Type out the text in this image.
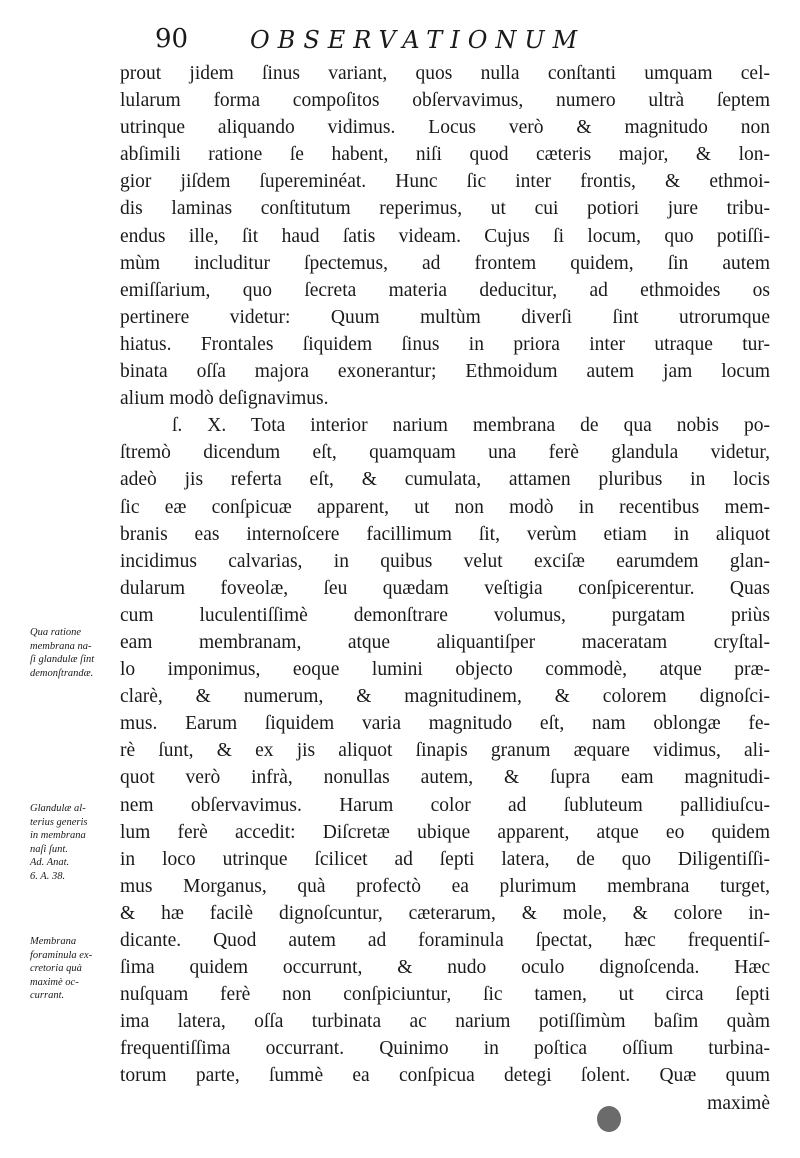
90	OBSERVATIONUM
prout jidem ſinus variant, quos nulla conſtanti umquam cel-
lularum forma compoſitos obſervavimus, numero ultrà ſeptem
utrinque aliquando vidimus. Locus verò & magnitudo non
abſimili ratione ſe habent, niſi quod cæteris major, & lon-
gior jiſdem ſupereminéat. Hunc ſic inter frontis, & ethmoi-
dis laminas conſtitutum reperimus, ut cui potiori jure tribu-
endus ille, ſit haud ſatis videam. Cujus ſi locum, quo potiſſi-
mùm includitur ſpectemus, ad frontem quidem, ſin autem
emiſſarium, quo ſecreta materia deducitur, ad ethmoides os
pertinere videtur: Quum multùm diverſi ſint utrorumque
hiatus. Frontales ſiquidem ſinus in priora inter utraque tur-
binata oſſa majora exonerantur; Ethmoidum autem jam locum
alium modò deſignavimus.
ſ. X. Tota interior narium membrana de qua nobis po-
ſtremò dicendum eſt, quamquam una ferè glandula videtur,
adeò jis referta eſt, & cumulata, attamen pluribus in locis
ſic eæ conſpicuæ apparent, ut non modò in recentibus mem-
branis eas internoſcere facillimum ſit, verùm etiam in aliquot
incidimus calvarias, in quibus velut exciſæ earumdem glan-
dularum foveolæ, ſeu quædam veſtigia conſpicerentur. Quas
cum luculentiſſimè demonſtrare volumus, purgatam priùs
eam membranam, atque aliquantiſper maceratam cryſtal-
lo imponimus, eoque lumini objecto commodè, atque præ-
clarè, & numerum, & magnitudinem, & colorem dignoſci-
mus. Earum ſiquidem varia magnitudo eſt, nam oblongæ fe-
rè ſunt, & ex jis aliquot ſinapis granum æquare vidimus, ali-
quot verò infrà, nonullas autem, & ſupra eam magnitudi-
nem obſervavimus. Harum color ad ſubluteum pallidiuſcu-
lum ferè accedit: Diſcretæ ubique apparent, atque eo quidem
in loco utrinque ſcilicet ad ſepti latera, de quo Diligentiſſi-
mus Morganus, quà profectò ea plurimum membrana turget,
& hæ facilè dignoſcuntur, cæterarum, & mole, & colore in-
dicante. Quod autem ad foraminula ſpectat, hæc frequentiſ-
ſima quidem occurrunt, & nudo oculo dignoſcenda. Hæc
nuſquam ferè non conſpiciuntur, ſic tamen, ut circa ſepti
ima latera, oſſa turbinata ac narium potiſſimùm baſim quàm
frequentiſſima occurrant. Quinimo in poſtica oſſium turbina-
torum parte, ſummè ea conſpicua detegi ſolent. Quæ quum
maximè
Qua ratione
membrana na-
ſi glandulæ ſint
demonſtrandæ.
Glandulæ al-
terius generis
in membrana
naſi ſunt.
Ad. Anat.
6. A. 38.
Membrana
foraminula ex-
cretoria quà
maximè oc-
currant.
